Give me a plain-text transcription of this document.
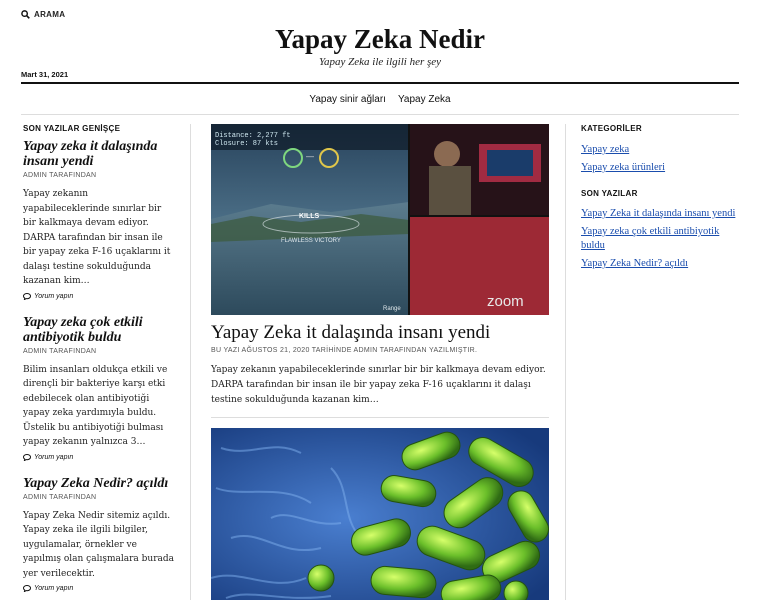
ARAMA
Yapay Zeka Nedir
Yapay Zeka ile ilgili her şey
Mart 31, 2021
Yapay sinir ağları Yapay Zeka
SON YAZILAR GENİŞÇE
Yapay zeka it dalaşında insanı yendi
ADMIN TARAFINDAN
Yapay zekanın yapabileceklerinde sınırlar bir bir kalkmaya devam ediyor. DARPA tarafından bir insan ile bir yapay zeka F-16 uçaklarını it dalaşı testine sokulduğunda kazanan kim…
Yorum yapın
Yapay zeka çok etkili antibiyotik buldu
ADMIN TARAFINDAN
Bilim insanları oldukça etkili ve dirençli bir bakteriye karşı etki edebilecek olan antibiyotiği yapay zeka yardımıyla buldu. Üstelik bu antibiyotiği bulması yapay zekanın yalnızca 3…
Yorum yapın
Yapay Zeka Nedir? açıldı
ADMIN TARAFINDAN
Yapay Zeka Nedir sitemiz açıldı. Yapay zeka ile ilgili bilgiler, uygulamalar, örnekler ve yapılmış olan çalışmalara burada yer verilecektir.
Yorum yapın
Distance: 2,277 ft
Closure: 87 kts
—
KILLS
FLAWLESS VICTORY
Range	zoom
Yapay Zeka it dalaşında insanı yendi
BU YAZI AĞUSTOS 21, 2020 TARİHİNDE ADMIN TARAFINDAN YAZILMIŞTIR.
Yapay zekanın yapabileceklerinde sınırlar bir bir kalkmaya devam ediyor. DARPA tarafından bir insan ile bir yapay zeka F-16 uçaklarını it dalaşı testine sokulduğunda kazanan kim…
KATEGORİLER
Yapay zeka
Yapay zeka ürünleri
SON YAZILAR
Yapay Zeka it dalaşında insanı yendi
Yapay zeka çok etkili antibiyotik buldu
Yapay Zeka Nedir? açıldı
